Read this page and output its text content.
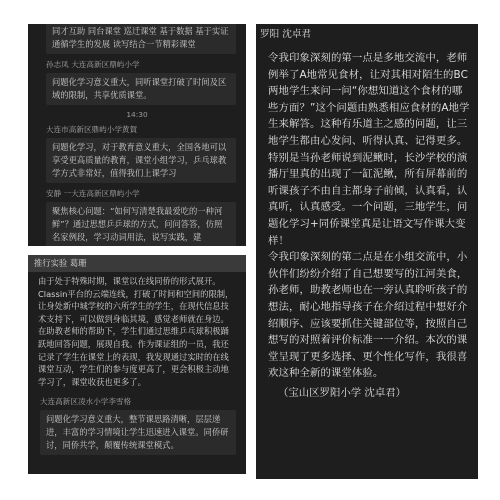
同才互助 同台课堂 巡迁课堂 基于数据 基于实证 通循学生的发展 读写结合一节精彩课堂
孙志凤 大连高新区鼎屿小学
问题化学习意义重大，同听课堂打破了时间及区域的限制，共享优质课堂。
14:30
大连市高新区鼎屿小学黄賀
问题化学习，对于教育意义重大，全国各地可以享受更高质量的教育，课堂小组学习，乒乓球教学方式非常好，值得我们上课学习
安静 一大连高新区鼎屿小学
聚焦核心问题：“如何写清楚我最爱吃的一种河鲜”？通过思想乒乒球的方式，问问答答，仿照名家例段，学习动词用法，说写实践，建
推行实验 葛珊
由于处于特殊时期，课堂以在线同侨的形式展开。Classin平台的云端连线，打破了时间和空间的限制，让身处新中城学校的六所学生的学生，在现代信息技术支持下，可以做到身临其境，感觉老师就在身边。在助教老师的帮助下，学生们通过思维乒乓球积极踊跃地回答问题，展现自我。作为课证组的一员，我还记录了学生在课堂上的表现，我发现通过实时的在线课堂互动，学生们的参与度更高了，更会积极主动地学习了，课堂收获也更多了。
大连高新区凌水小学李雪格
问题化学习意义重大，整节课思路清晰，层层递进，丰富的学习情境让学生迅速进入课堂。同侨研讨，同侨共学，颠覆传统课堂模式。
罗阳 沈卓君
令我印象深刻的第一点是多地交流中，老师例举了A地常见食材，让对其相对陌生的BC两地学生来问一问“你想知道这个食材的哪些方面？”这个问题由熟悉相应食材的A地学生来解答。这种有乐道主之感的问题，让三地学生都由心发问、听得认真、记得更多。特别是当孙老师说到泥鳅时，长沙学校的演播厅里真的出现了一缸泥鳅，所有屏幕前的听课孩子不由自主都身子前倾，认真看，认真听，认真感受。一个问题，三地学生，问题化学习+同侨课堂真是让语文写作课大变样！
令我印象深刻的第二点是在小组交流中，小伙伴们纷纷介绍了自己想要写的江河美食，孙老师，助教老师也在一旁认真聆听孩子的想法，耐心地指导孩子在介绍过程中想好介绍顺序、应该要抓住关键部位等，按照自己想写的对照着评价标准一一介绍。本次的课堂呈现了更多选择、更个性化写作，我很喜欢这种全新的课堂体验。
（宝山区罗阳小学 沈卓君）
